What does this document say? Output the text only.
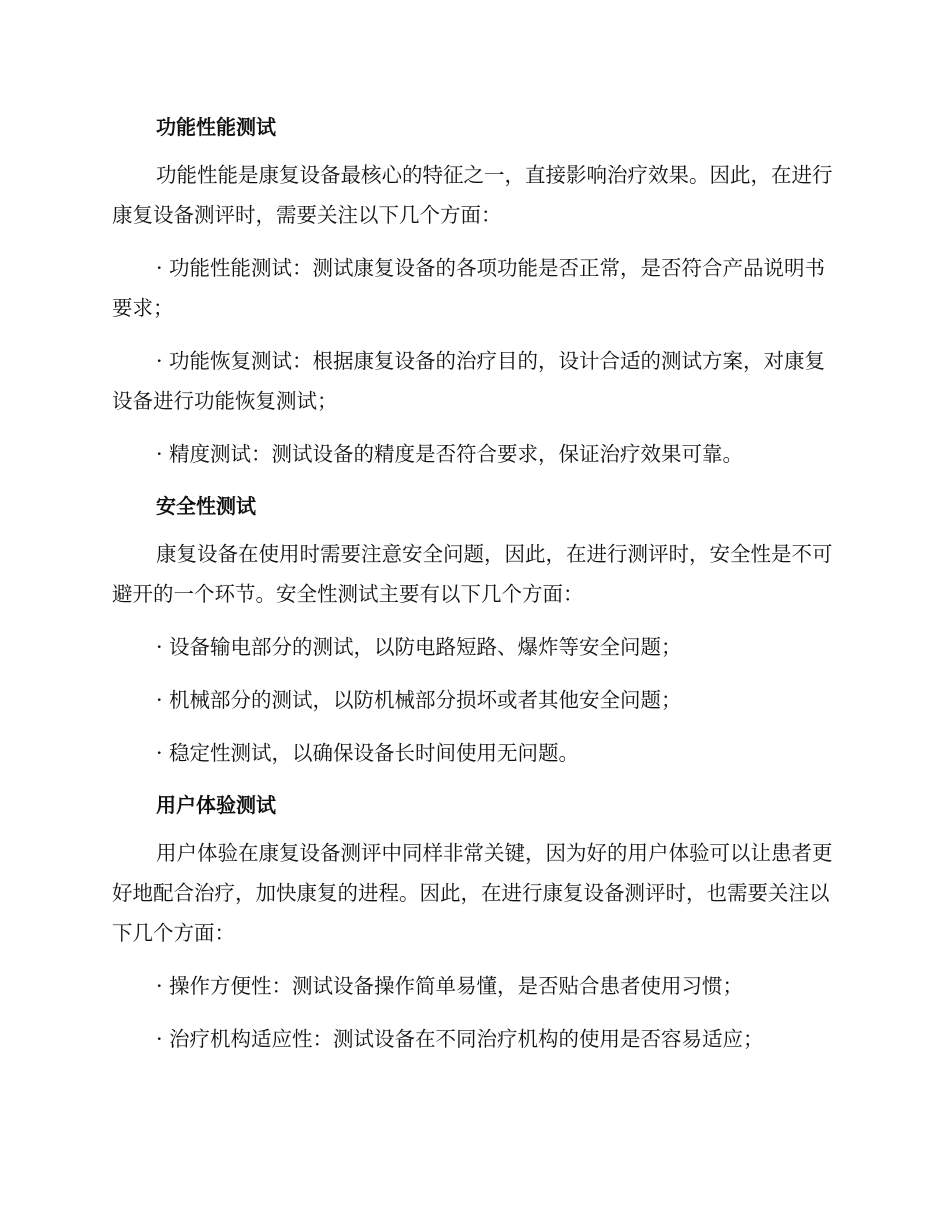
功能性能测试

功能性能是康复设备最核心的特征之一，直接影响治疗效果。因此，在进行康复设备测评时，需要关注以下几个方面：

· 功能性能测试：测试康复设备的各项功能是否正常，是否符合产品说明书要求；

· 功能恢复测试：根据康复设备的治疗目的，设计合适的测试方案，对康复设备进行功能恢复测试；

· 精度测试：测试设备的精度是否符合要求，保证治疗效果可靠。

安全性测试

康复设备在使用时需要注意安全问题，因此，在进行测评时，安全性是不可避开的一个环节。安全性测试主要有以下几个方面：

· 设备输电部分的测试，以防电路短路、爆炸等安全问题；

· 机械部分的测试，以防机械部分损坏或者其他安全问题；

· 稳定性测试，以确保设备长时间使用无问题。

用户体验测试

用户体验在康复设备测评中同样非常关键，因为好的用户体验可以让患者更好地配合治疗，加快康复的进程。因此，在进行康复设备测评时，也需要关注以下几个方面：

· 操作方便性：测试设备操作简单易懂，是否贴合患者使用习惯；

· 治疗机构适应性：测试设备在不同治疗机构的使用是否容易适应；
